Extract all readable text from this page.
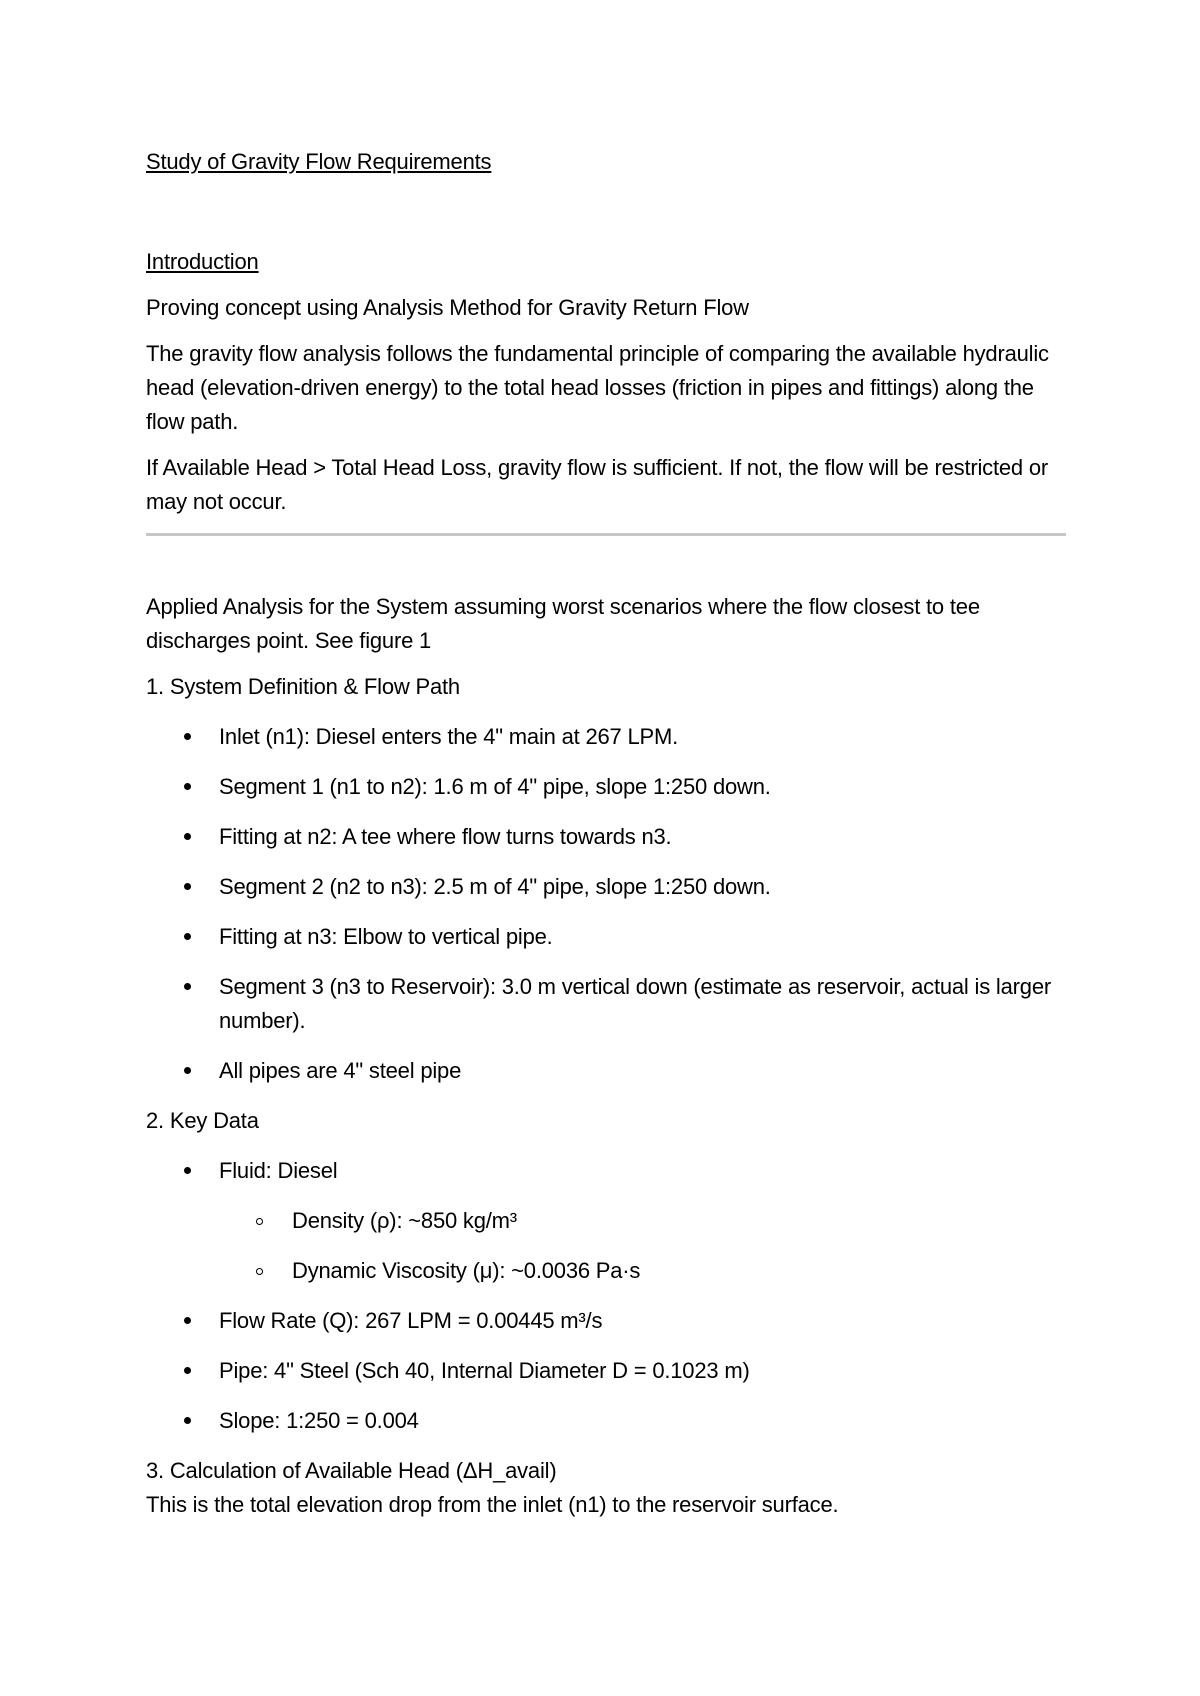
Study of Gravity Flow Requirements
Introduction

Proving concept using Analysis Method for Gravity Return Flow

The gravity flow analysis follows the fundamental principle of comparing the available hydraulic head (elevation-driven energy) to the total head losses (friction in pipes and fittings) along the flow path.

If Available Head > Total Head Loss, gravity flow is sufficient. If not, the flow will be restricted or may not occur.

Applied Analysis for the System assuming worst scenarios where the flow closest to tee discharges point. See figure 1

1. System Definition & Flow Path

Inlet (n1): Diesel enters the 4" main at 267 LPM.
Segment 1 (n1 to n2): 1.6 m of 4" pipe, slope 1:250 down.
Fitting at n2: A tee where flow turns towards n3.
Segment 2 (n2 to n3): 2.5 m of 4" pipe, slope 1:250 down.
Fitting at n3: Elbow to vertical pipe.
Segment 3 (n3 to Reservoir): 3.0 m vertical down (estimate as reservoir, actual is larger number).
All pipes are 4" steel pipe

2. Key Data

Fluid: Diesel
Density (ρ): ~850 kg/m³
Dynamic Viscosity (μ): ~0.0036 Pa·s
Flow Rate (Q): 267 LPM = 0.00445 m³/s
Pipe: 4" Steel (Sch 40, Internal Diameter D = 0.1023 m)
Slope: 1:250 = 0.004

3. Calculation of Available Head (ΔH_avail)

This is the total elevation drop from the inlet (n1) to the reservoir surface.
